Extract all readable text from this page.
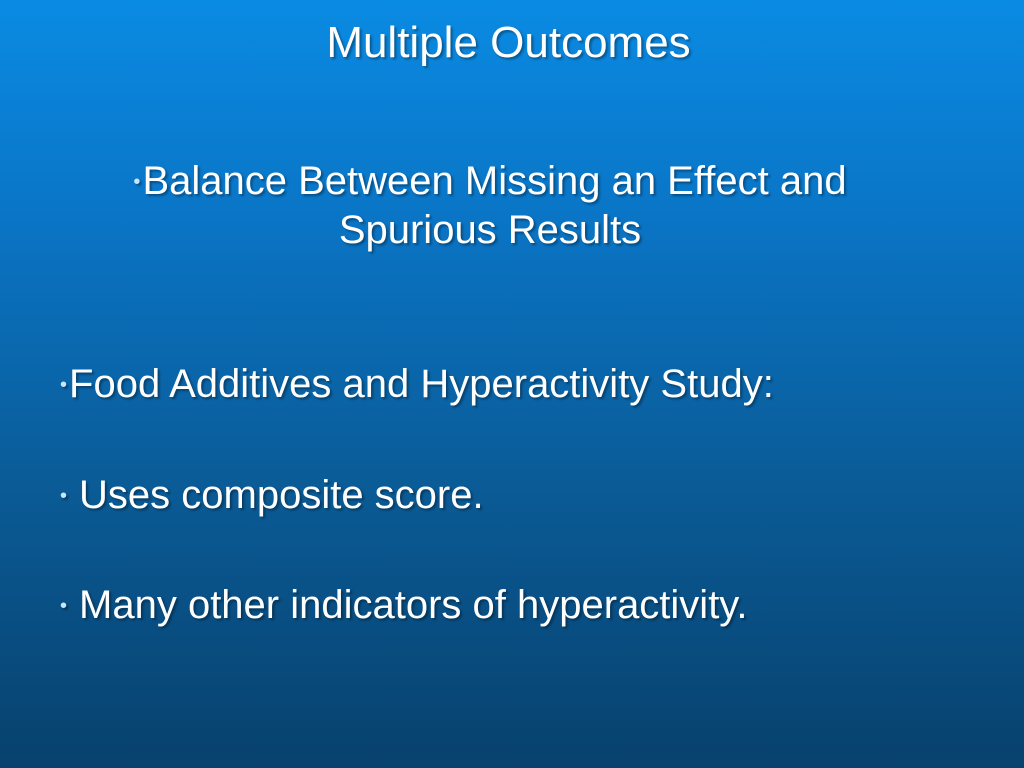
Multiple Outcomes
•Balance Between Missing an Effect and
Spurious Results
•Food Additives and Hyperactivity Study:
• Uses composite score.
• Many other indicators of hyperactivity.
